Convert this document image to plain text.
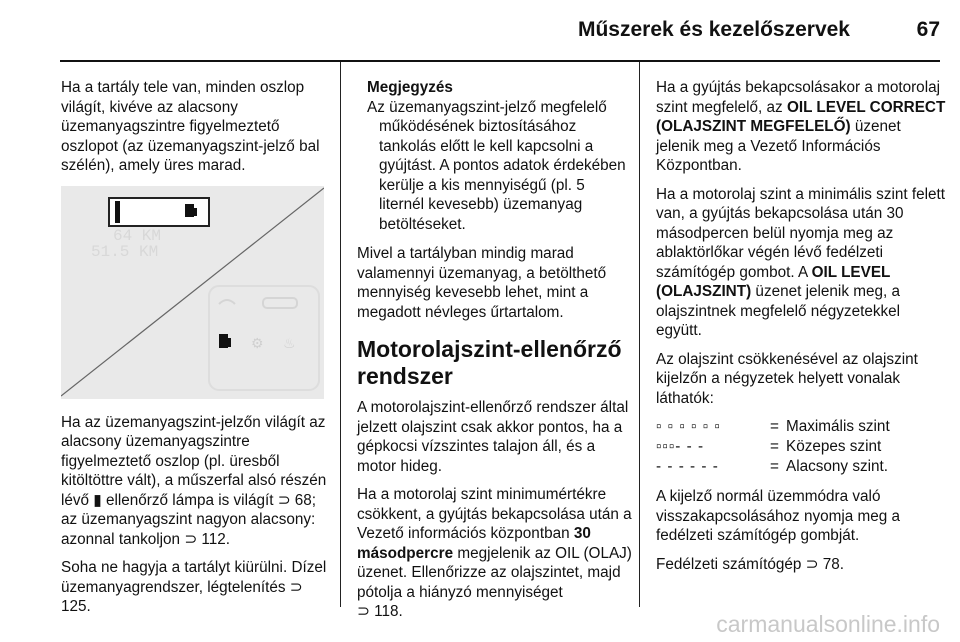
Műszerek és kezelőszervek	67

Ha a tartály tele van, minden oszlop világít, kivéve az alacsony üzemanyagszintre figyelmeztető oszlopot (az üzemanyagszint-jelző bal szélén), amely üres marad.

64 KM
51.5 KM
⚙ ♨

Ha az üzemanyagszint-jelzőn világít az alacsony üzemanyagszintre figyelmeztető oszlop (pl. üresből kitöltöttre vált), a műszerfal alsó részén lévő ▮ ellenőrző lámpa is világít ⊃ 68; az üzemanyagszint nagyon alacsony: azonnal tankoljon ⊃ 112.

Soha ne hagyja a tartályt kiürülni. Dízel üzemanyagrendszer, légtelenítés ⊃ 125.

Megjegyzés
Az üzemanyagszint-jelző megfelelő működésének biztosításához tankolás előtt le kell kapcsolni a gyújtást. A pontos adatok érdekében kerülje a kis mennyiségű (pl. 5 liternél kevesebb) üzemanyag betöltéseket.

Mivel a tartályban mindig marad valamennyi üzemanyag, a betölthető mennyiség kevesebb lehet, mint a megadott névleges űrtartalom.

Motorolajszint-ellenőrző rendszer

A motorolajszint-ellenőrző rendszer által jelzett olajszint csak akkor pontos, ha a gépkocsi vízszintes talajon áll, és a motor hideg.

Ha a motorolaj szint minimumértékre csökkent, a gyújtás bekapcsolása után a Vezető információs központban 30 másodpercre megjelenik az OIL (OLAJ) üzenet. Ellenőrizze az olajszintet, majd pótolja a hiányzó mennyiséget
⊃ 118.

Ha a gyújtás bekapcsolásakor a motorolaj szint megfelelő, az OIL LEVEL CORRECT (OLAJSZINT MEGFELELŐ) üzenet jelenik meg a Vezető Információs Központban.

Ha a motorolaj szint a minimális szint felett van, a gyújtás bekapcsolása után 30 másodpercen belül nyomja meg az ablaktörlőkar végén lévő fedélzeti számítógép gombot. A OIL LEVEL (OLAJSZINT) üzenet jelenik meg, a olajszintnek megfelelő négyzetekkel együtt.

Az olajszint csökkenésével az olajszint kijelzőn a négyzetek helyett vonalak láthatók:

▫ ▫ ▫ ▫ ▫ ▫	= Maximális szint
▫▫▫- - -	= Közepes szint
- - - - - -	= Alacsony szint.

A kijelző normál üzemmódra való visszakapcsolásához nyomja meg a fedélzeti számítógép gombját.

Fedélzeti számítógép ⊃ 78.

carmanualsonline.info
